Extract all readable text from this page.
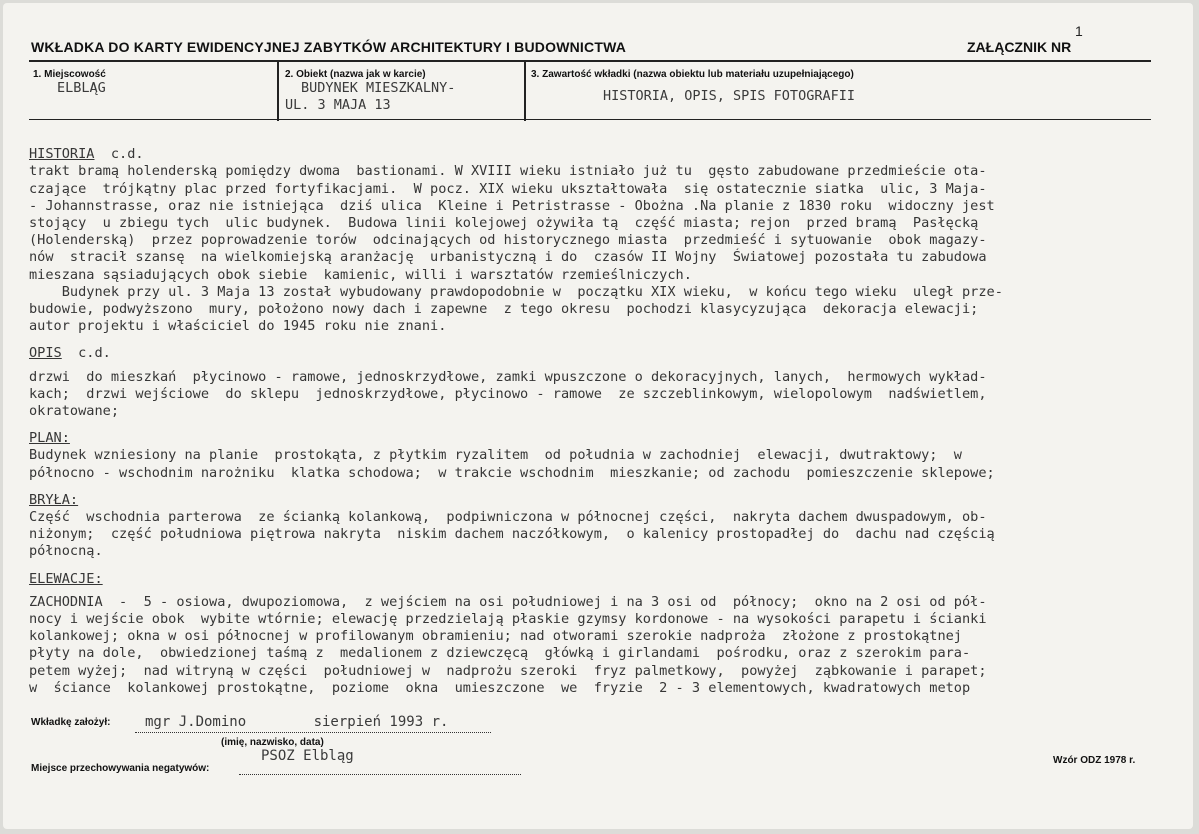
WKŁADKA DO KARTY EWIDENCYJNEJ ZABYTKÓW ARCHITEKTURY I BUDOWNICTWA	ZAŁĄCZNIK NR
1
1. Miejscowość
ELBLĄG
2. Obiekt (nazwa jak w karcie)
BUDYNEK MIESZKALNY-
UL. 3 MAJA 13
3. Zawartość wkładki (nazwa obiektu lub materiału uzupełniającego)
HISTORIA, OPIS, SPIS FOTOGRAFII

HISTORIA  c.d.
trakt bramą holenderską pomiędzy dwoma  bastionami. W XVIII wieku istniało już tu  gęsto zabudowane przedmieście ota-
czające  trójkątny plac przed fortyfikacjami.  W pocz. XIX wieku ukształtowała  się ostatecznie siatka  ulic, 3 Maja-
- Johannstrasse, oraz nie istniejąca  dziś ulica  Kleine i Petristrasse - Obożna .Na planie z 1830 roku  widoczny jest
stojący  u zbiegu tych  ulic budynek.  Budowa linii kolejowej ożywiła tą  część miasta; rejon  przed bramą  Pasłęcką
(Holenderską)  przez poprowadzenie torów  odcinających od historycznego miasta  przedmieść i sytuowanie  obok magazy-
nów  stracił szansę  na wielkomiejską aranżację  urbanistyczną i do  czasów II Wojny  Światowej pozostała tu zabudowa
mieszana sąsiadujących obok siebie  kamienic, willi i warsztatów rzemieślniczych.
Budynek przy ul. 3 Maja 13 został wybudowany prawdopodobnie w  początku XIX wieku,  w końcu tego wieku  uległ prze-
budowie, podwyższono  mury, położono nowy dach i zapewne  z tego okresu  pochodzi klasycyzująca  dekoracja elewacji;
autor projektu i właściciel do 1945 roku nie znani.

OPIS  c.d.

drzwi  do mieszkań  płycinowo - ramowe, jednoskrzydłowe, zamki wpuszczone o dekoracyjnych, lanych,  hermowych wykład-
kach;  drzwi wejściowe  do sklepu  jednoskrzydłowe, płycinowo - ramowe  ze szczeblinkowym, wielopolowym  nadświetlem,
okratowane;

PLAN:
Budynek wzniesiony na planie  prostokąta, z płytkim ryzalitem  od południa w zachodniej  elewacji, dwutraktowy;  w
północno - wschodnim narożniku  klatka schodowa;  w trakcie wschodnim  mieszkanie; od zachodu  pomieszczenie sklepowe;

BRYŁA:
Część  wschodnia parterowa  ze ścianką kolankową,  podpiwniczona w północnej części,  nakryta dachem dwuspadowym, ob-
niżonym;  część południowa piętrowa nakryta  niskim dachem naczółkowym,  o kalenicy prostopadłej do  dachu nad częścią
północną.

ELEWACJE:

ZACHODNIA  -  5 - osiowa, dwupoziomowa,  z wejściem na osi południowej i na 3 osi od  północy;  okno na 2 osi od pół-
nocy i wejście obok  wybite wtórnie; elewację przedzielają płaskie gzymsy kordonowe - na wysokości parapetu i ścianki
kolankowej; okna w osi północnej w profilowanym obramieniu; nad otworami szerokie nadproża  złożone z prostokątnej
płyty na dole,  obwiedzionej taśmą z  medalionem z dziewczęcą  główką i girlandami  pośrodku, oraz z szerokim para-
petem wyżej;  nad witryną w części  południowej w  nadprożu szeroki  fryz palmetkowy,  powyżej  ząbkowanie i parapet;
w  ściance  kolankowej prostokątne,  poziome  okna  umieszczone  we  fryzie  2 - 3 elementowych, kwadratowych metop

Wkładkę założył: mgr J.Domino        sierpień 1993 r.
(imię, nazwisko, data)
Miejsce przechowywania negatywów:
PSOZ Elbląg	Wzór ODZ 1978 r.
